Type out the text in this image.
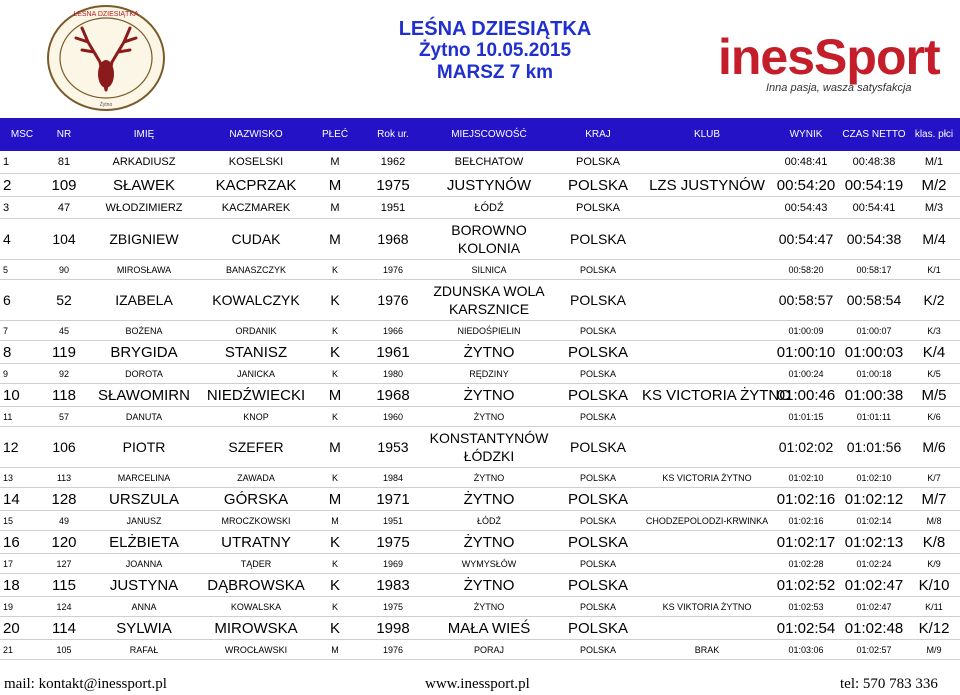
LEŚNA DZIESIĄTKA
Żytno
LEŚNA DZIESIĄTKA
Żytno 10.05.2015
MARSZ 7 km	inesSport
Inna pasja, wasza satysfakcja
MSC	NR	IMIĘ	NAZWISKO	PŁEĆ	Rok ur.	MIEJSCOWOŚĆ	KRAJ	KLUB	WYNIK	CZAS NETTO	klas. płci
1	81	ARKADIUSZ	KOSELSKI	M	1962	BEŁCHATOW	POLSKA		00:48:41	00:48:38	M/1
2	109	SŁAWEK	KACPRZAK	M	1975	JUSTYNÓW	POLSKA	LZS JUSTYNÓW	00:54:20	00:54:19	M/2
3	47	WŁODZIMIERZ	KACZMAREK	M	1951	ŁÓDŹ	POLSKA		00:54:43	00:54:41	M/3
4	104	ZBIGNIEW	CUDAK	M	1968	BOROWNO KOLONIA	POLSKA		00:54:47	00:54:38	M/4
5	90	MIROSŁAWA	BANASZCZYK	K	1976	SILNICA	POLSKA		00:58:20	00:58:17	K/1
6	52	IZABELA	KOWALCZYK	K	1976	ZDUNSKA WOLA KARSZNICE	POLSKA		00:58:57	00:58:54	K/2
7	45	BOŻENA	ORDANIK	K	1966	NIEDOŚPIELIN	POLSKA		01:00:09	01:00:07	K/3
8	119	BRYGIDA	STANISZ	K	1961	ŻYTNO	POLSKA		01:00:10	01:00:03	K/4
9	92	DOROTA	JANICKA	K	1980	RĘDZINY	POLSKA		01:00:24	01:00:18	K/5
10	118	SŁAWOMIRN	NIEDŹWIECKI	M	1968	ŻYTNO	POLSKA	KS VICTORIA ŻYTNO	01:00:46	01:00:38	M/5
11	57	DANUTA	KNOP	K	1960	ŻYTNO	POLSKA		01:01:15	01:01:11	K/6
12	106	PIOTR	SZEFER	M	1953	KONSTANTYNÓW ŁÓDZKI	POLSKA		01:02:02	01:01:56	M/6
13	113	MARCELINA	ZAWADA	K	1984	ŻYTNO	POLSKA	KS VICTORIA ŻYTNO	01:02:10	01:02:10	K/7
14	128	URSZULA	GÓRSKA	M	1971	ŻYTNO	POLSKA		01:02:16	01:02:12	M/7
15	49	JANUSZ	MROCZKOWSKI	M	1951	ŁÓDŹ	POLSKA	CHODZEPOLODZI-KRWINKA	01:02:16	01:02:14	M/8
16	120	ELŻBIETA	UTRATNY	K	1975	ŻYTNO	POLSKA		01:02:17	01:02:13	K/8
17	127	JOANNA	TĄDER	K	1969	WYMYSŁÓW	POLSKA		01:02:28	01:02:24	K/9
18	115	JUSTYNA	DĄBROWSKA	K	1983	ŻYTNO	POLSKA		01:02:52	01:02:47	K/10
19	124	ANNA	KOWALSKA	K	1975	ŻYTNO	POLSKA	KS VIKTORIA ŻYTNO	01:02:53	01:02:47	K/11
20	114	SYLWIA	MIROWSKA	K	1998	MAŁA WIEŚ	POLSKA		01:02:54	01:02:48	K/12
21	105	RAFAŁ	WROCŁAWSKI	M	1976	PORAJ	POLSKA	BRAK	01:03:06	01:02:57	M/9
mail: kontakt@inessport.pl	www.inessport.pl	tel: 570 783 336
